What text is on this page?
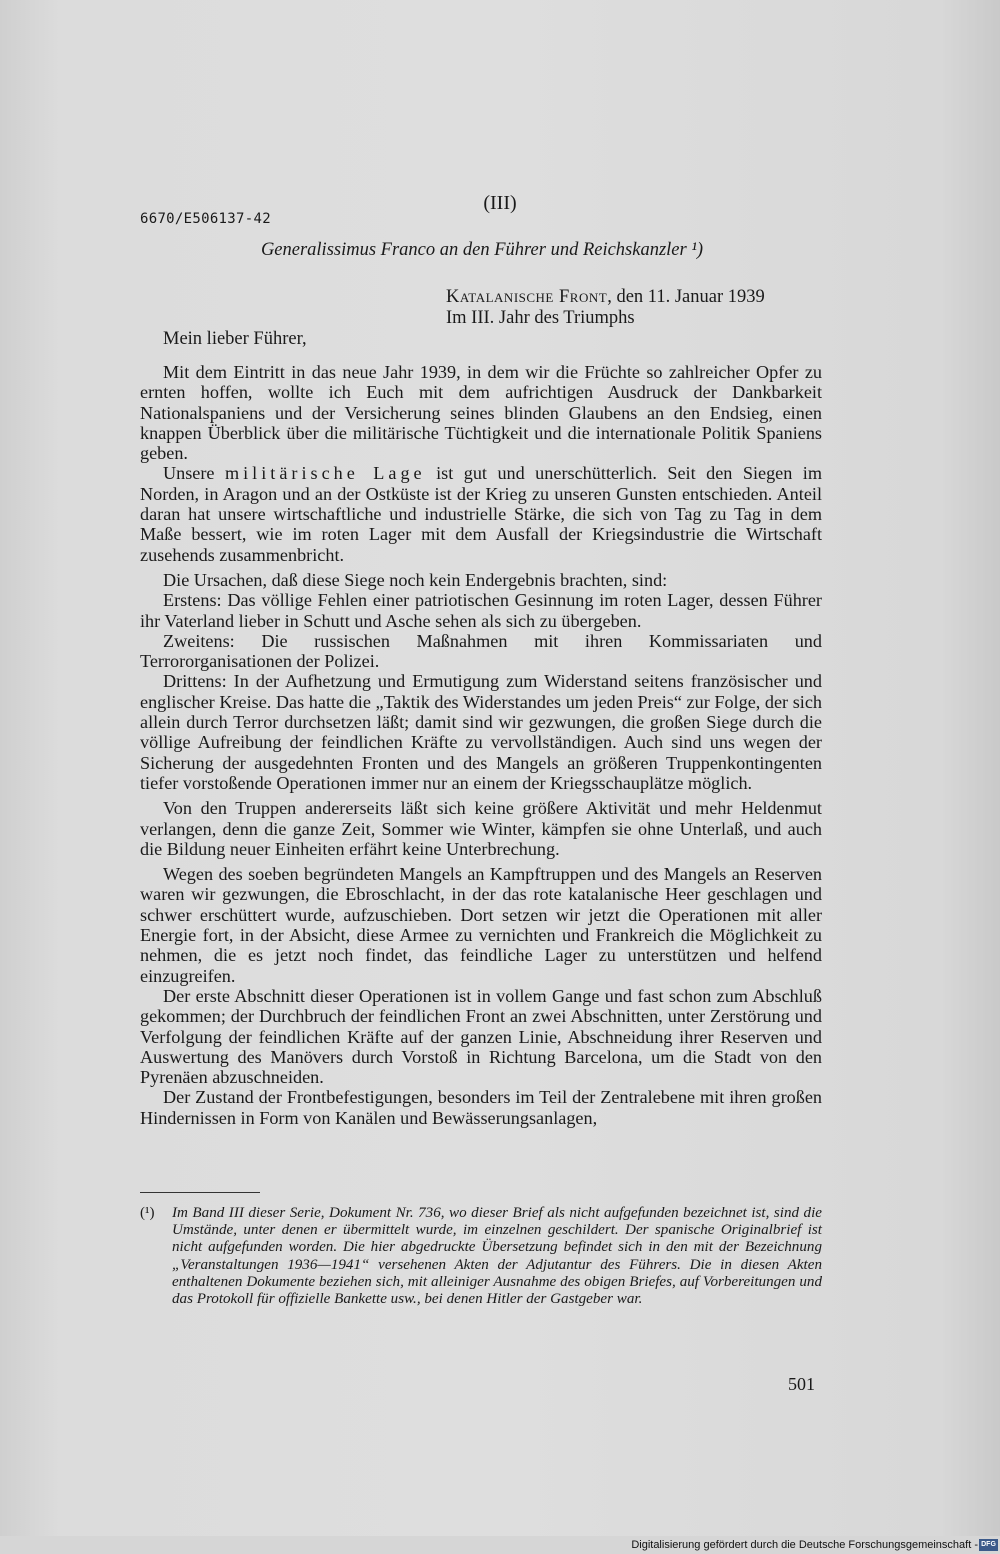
6670/E506137-42
(III)
Generalissimus Franco an den Führer und Reichskanzler ¹)
Katalanische Front, den 11. Januar 1939
Im III. Jahr des Triumphs
Mein lieber Führer,

Mit dem Eintritt in das neue Jahr 1939, in dem wir die Früchte so zahlreicher Opfer zu ernten hoffen, wollte ich Euch mit dem aufrichtigen Ausdruck der Dankbarkeit Nationalspaniens und der Versicherung seines blinden Glaubens an den Endsieg, einen knappen Überblick über die militärische Tüchtigkeit und die internationale Politik Spaniens geben.

Unsere militärische Lage ist gut und unerschütterlich. Seit den Siegen im Norden, in Aragon und an der Ostküste ist der Krieg zu unseren Gunsten entschieden. Anteil daran hat unsere wirtschaftliche und industrielle Stärke, die sich von Tag zu Tag in dem Maße bessert, wie im roten Lager mit dem Ausfall der Kriegsindustrie die Wirtschaft zusehends zusammenbricht.

Die Ursachen, daß diese Siege noch kein Endergebnis brachten, sind:

Erstens: Das völlige Fehlen einer patriotischen Gesinnung im roten Lager, dessen Führer ihr Vaterland lieber in Schutt und Asche sehen als sich zu übergeben.

Zweitens: Die russischen Maßnahmen mit ihren Kommissariaten und Terrororganisationen der Polizei.

Drittens: In der Aufhetzung und Ermutigung zum Widerstand seitens französischer und englischer Kreise. Das hatte die „Taktik des Widerstandes um jeden Preis“ zur Folge, der sich allein durch Terror durchsetzen läßt; damit sind wir gezwungen, die großen Siege durch die völlige Aufreibung der feindlichen Kräfte zu vervollständigen. Auch sind uns wegen der Sicherung der ausgedehnten Fronten und des Mangels an größeren Truppenkontingenten tiefer vorstoßende Operationen immer nur an einem der Kriegsschauplätze möglich.

Von den Truppen andererseits läßt sich keine größere Aktivität und mehr Heldenmut verlangen, denn die ganze Zeit, Sommer wie Winter, kämpfen sie ohne Unterlaß, und auch die Bildung neuer Einheiten erfährt keine Unterbrechung.

Wegen des soeben begründeten Mangels an Kampftruppen und des Mangels an Reserven waren wir gezwungen, die Ebroschlacht, in der das rote katalanische Heer geschlagen und schwer erschüttert wurde, aufzuschieben. Dort setzen wir jetzt die Operationen mit aller Energie fort, in der Absicht, diese Armee zu vernichten und Frankreich die Möglichkeit zu nehmen, die es jetzt noch findet, das feindliche Lager zu unterstützen und helfend einzugreifen.

Der erste Abschnitt dieser Operationen ist in vollem Gange und fast schon zum Abschluß gekommen; der Durchbruch der feindlichen Front an zwei Abschnitten, unter Zerstörung und Verfolgung der feindlichen Kräfte auf der ganzen Linie, Abschneidung ihrer Reserven und Auswertung des Manövers durch Vorstoß in Richtung Barcelona, um die Stadt von den Pyrenäen abzuschneiden.

Der Zustand der Frontbefestigungen, besonders im Teil der Zentralebene mit ihren großen Hindernissen in Form von Kanälen und Bewässerungsanlagen,

(¹) Im Band III dieser Serie, Dokument Nr. 736, wo dieser Brief als nicht aufgefunden bezeichnet ist, sind die Umstände, unter denen er übermittelt wurde, im einzelnen geschildert. Der spanische Originalbrief ist nicht aufgefunden worden. Die hier abgedruckte Übersetzung befindet sich in den mit der Bezeichnung „Veranstaltungen 1936—1941“ versehenen Akten der Adjutantur des Führers. Die in diesen Akten enthaltenen Dokumente beziehen sich, mit alleiniger Ausnahme des obigen Briefes, auf Vorbereitungen und das Protokoll für offizielle Bankette usw., bei denen Hitler der Gastgeber war.
501
Digitalisierung gefördert durch die Deutsche Forschungsgemeinschaft - DFG
